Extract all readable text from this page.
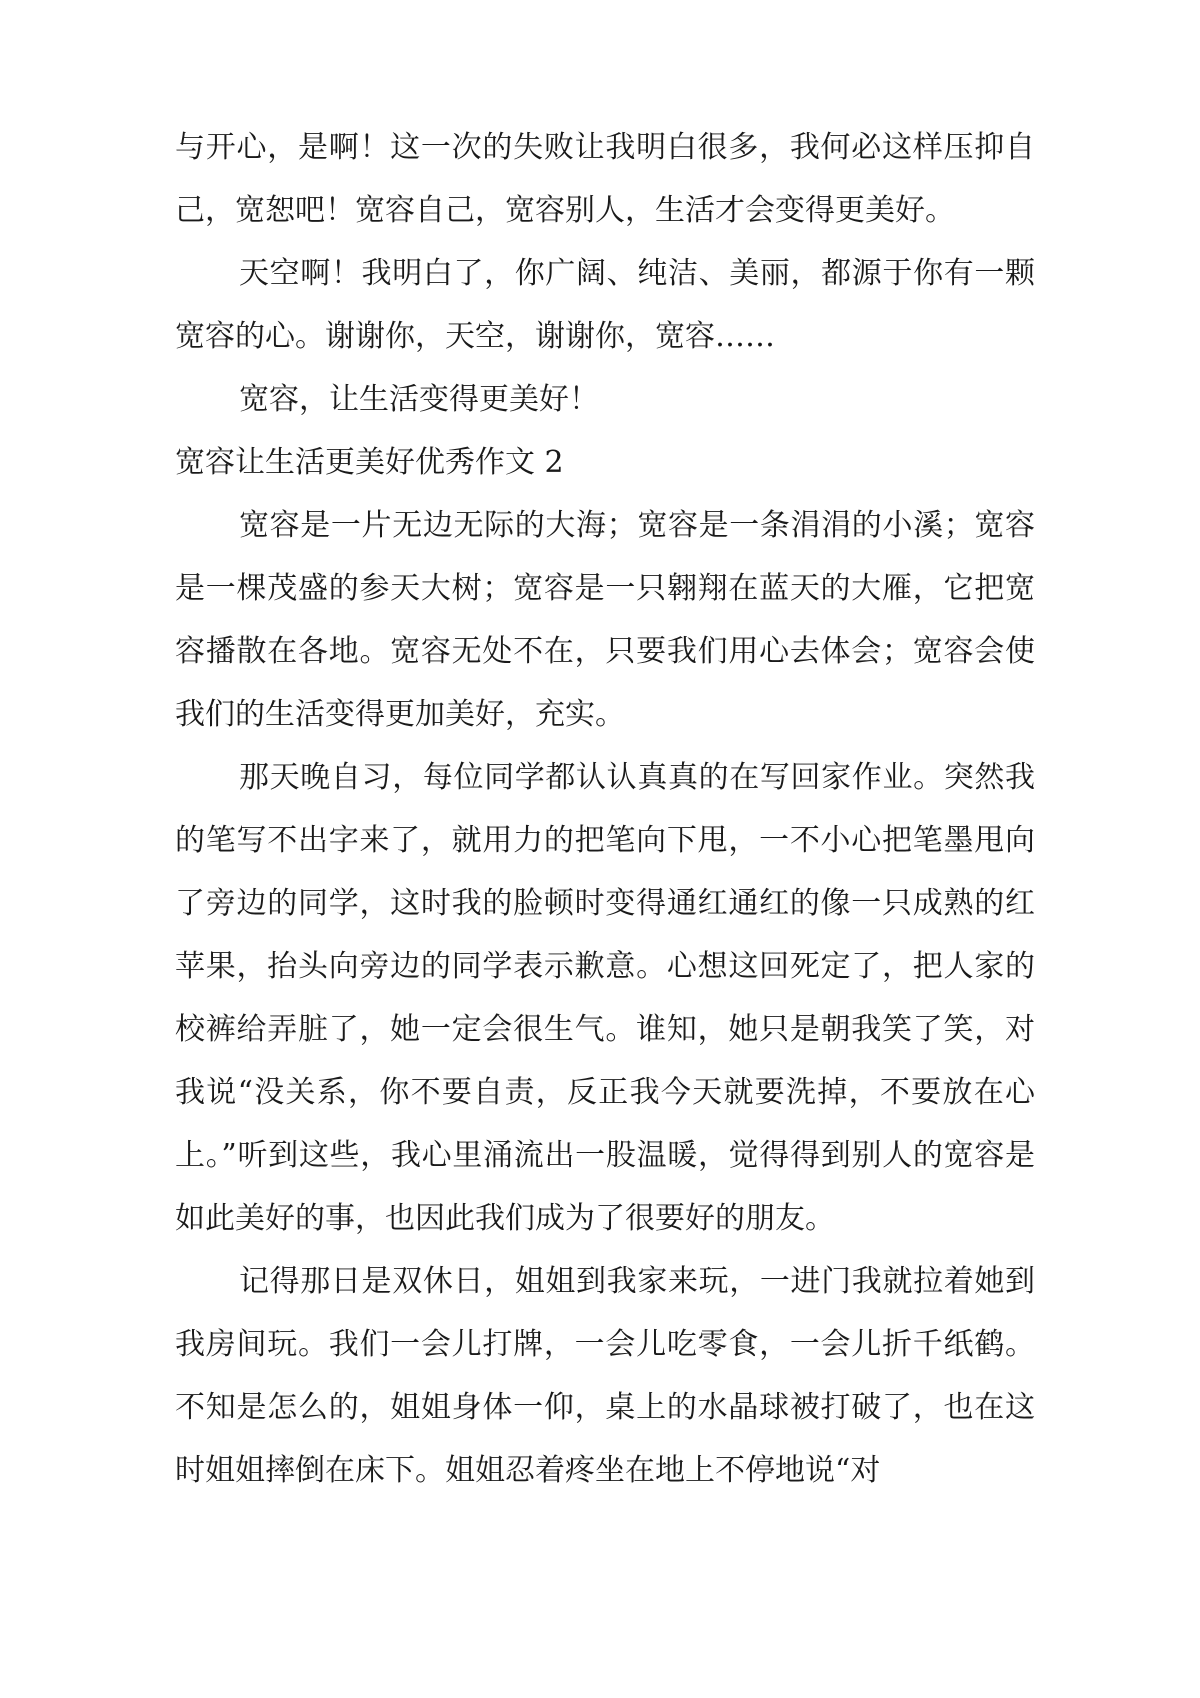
与开心，是啊！这一次的失败让我明白很多，我何必这样压抑自己，宽恕吧！宽容自己，宽容别人，生活才会变得更美好。

天空啊！我明白了，你广阔、纯洁、美丽，都源于你有一颗宽容的心。谢谢你，天空，谢谢你，宽容……

宽容，让生活变得更美好！

宽容让生活更美好优秀作文 2

宽容是一片无边无际的大海；宽容是一条涓涓的小溪；宽容是一棵茂盛的参天大树；宽容是一只翱翔在蓝天的大雁，它把宽容播散在各地。宽容无处不在，只要我们用心去体会；宽容会使我们的生活变得更加美好，充实。

那天晚自习，每位同学都认认真真的在写回家作业。突然我的笔写不出字来了，就用力的把笔向下甩，一不小心把笔墨甩向了旁边的同学，这时我的脸顿时变得通红通红的像一只成熟的红苹果，抬头向旁边的同学表示歉意。心想这回死定了，把人家的校裤给弄脏了，她一定会很生气。谁知，她只是朝我笑了笑，对我说“没关系，你不要自责，反正我今天就要洗掉，不要放在心上。”听到这些，我心里涌流出一股温暖，觉得得到别人的宽容是如此美好的事，也因此我们成为了很要好的朋友。

记得那日是双休日，姐姐到我家来玩，一进门我就拉着她到我房间玩。我们一会儿打牌，一会儿吃零食，一会儿折千纸鹤。不知是怎么的，姐姐身体一仰，桌上的水晶球被打破了，也在这时姐姐摔倒在床下。姐姐忍着疼坐在地上不停地说“对
